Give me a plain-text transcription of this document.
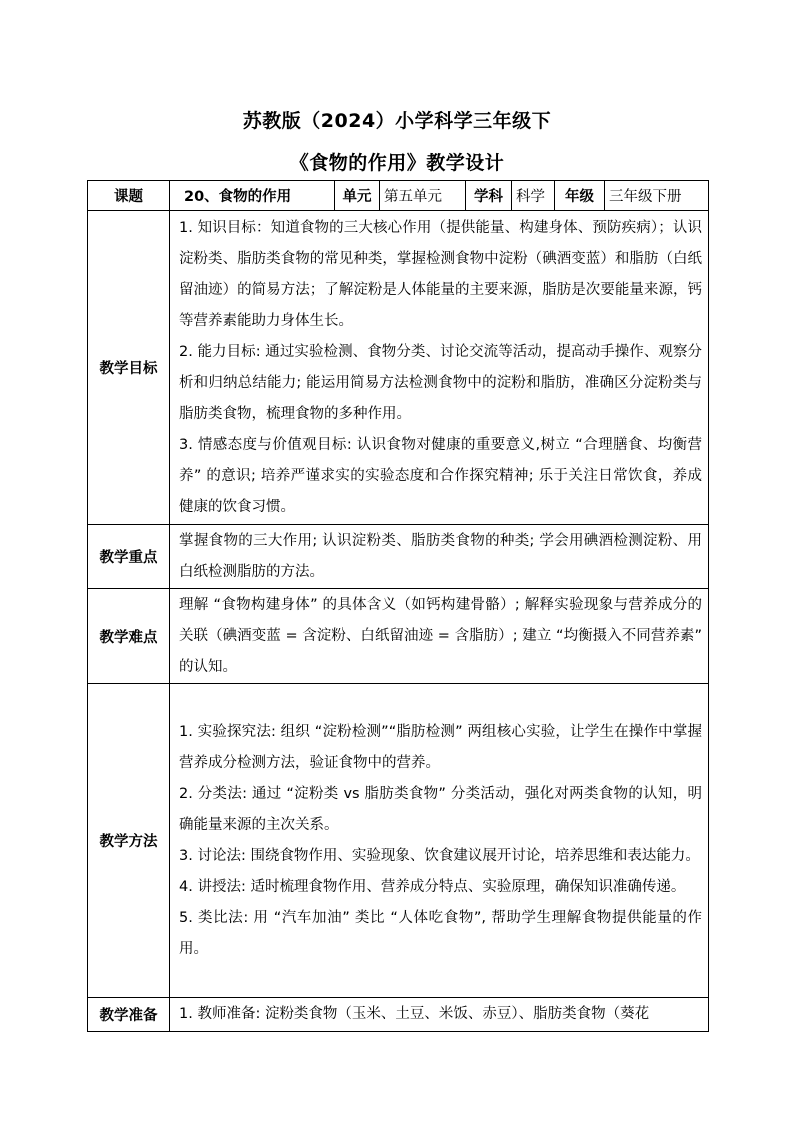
苏教版（2024）小学科学三年级下
《食物的作用》教学设计
课题	20、食物的作用	单元	第五单元	学科	科学	年级	三年级下册
教学目标	1. 知识目标：知道食物的三大核心作用（提供能量、构建身体、预防疾病）；认识淀粉类、脂肪类食物的常见种类，掌握检测食物中淀粉（碘酒变蓝）和脂肪（白纸留油迹）的简易方法；了解淀粉是人体能量的主要来源，脂肪是次要能量来源，钙等营养素能助力身体生长。

2. 能力目标: 通过实验检测、食物分类、讨论交流等活动，提高动手操作、观察分析和归纳总结能力; 能运用简易方法检测食物中的淀粉和脂肪，准确区分淀粉类与脂肪类食物，梳理食物的多种作用。

3. 情感态度与价值观目标: 认识食物对健康的重要意义,树立 “合理膳食、均衡营养” 的意识; 培养严谨求实的实验态度和合作探究精神; 乐于关注日常饮食，养成健康的饮食习惯。						

教学重点	掌握食物的三大作用; 认识淀粉类、脂肪类食物的种类; 学会用碘酒检测淀粉、用白纸检测脂肪的方法。						

教学难点	理解 “食物构建身体” 的具体含义（如钙构建骨骼）; 解释实验现象与营养成分的关联（碘酒变蓝 = 含淀粉、白纸留油迹 = 含脂肪）; 建立 “均衡摄入不同营养素” 的认知。						

教学方法	1. 实验探究法: 组织 “淀粉检测”“脂肪检测” 两组核心实验，让学生在操作中掌握营养成分检测方法，验证食物中的营养。

2. 分类法: 通过 “淀粉类 vs 脂肪类食物” 分类活动，强化对两类食物的认知，明确能量来源的主次关系。

3. 讨论法: 围绕食物作用、实验现象、饮食建议展开讨论，培养思维和表达能力。

4. 讲授法: 适时梳理食物作用、营养成分特点、实验原理，确保知识准确传递。

5. 类比法: 用 “汽车加油” 类比 “人体吃食物”, 帮助学生理解食物提供能量的作用。						

教学准备	1. 教师准备: 淀粉类食物（玉米、土豆、米饭、赤豆）、脂肪类食物（葵花						
